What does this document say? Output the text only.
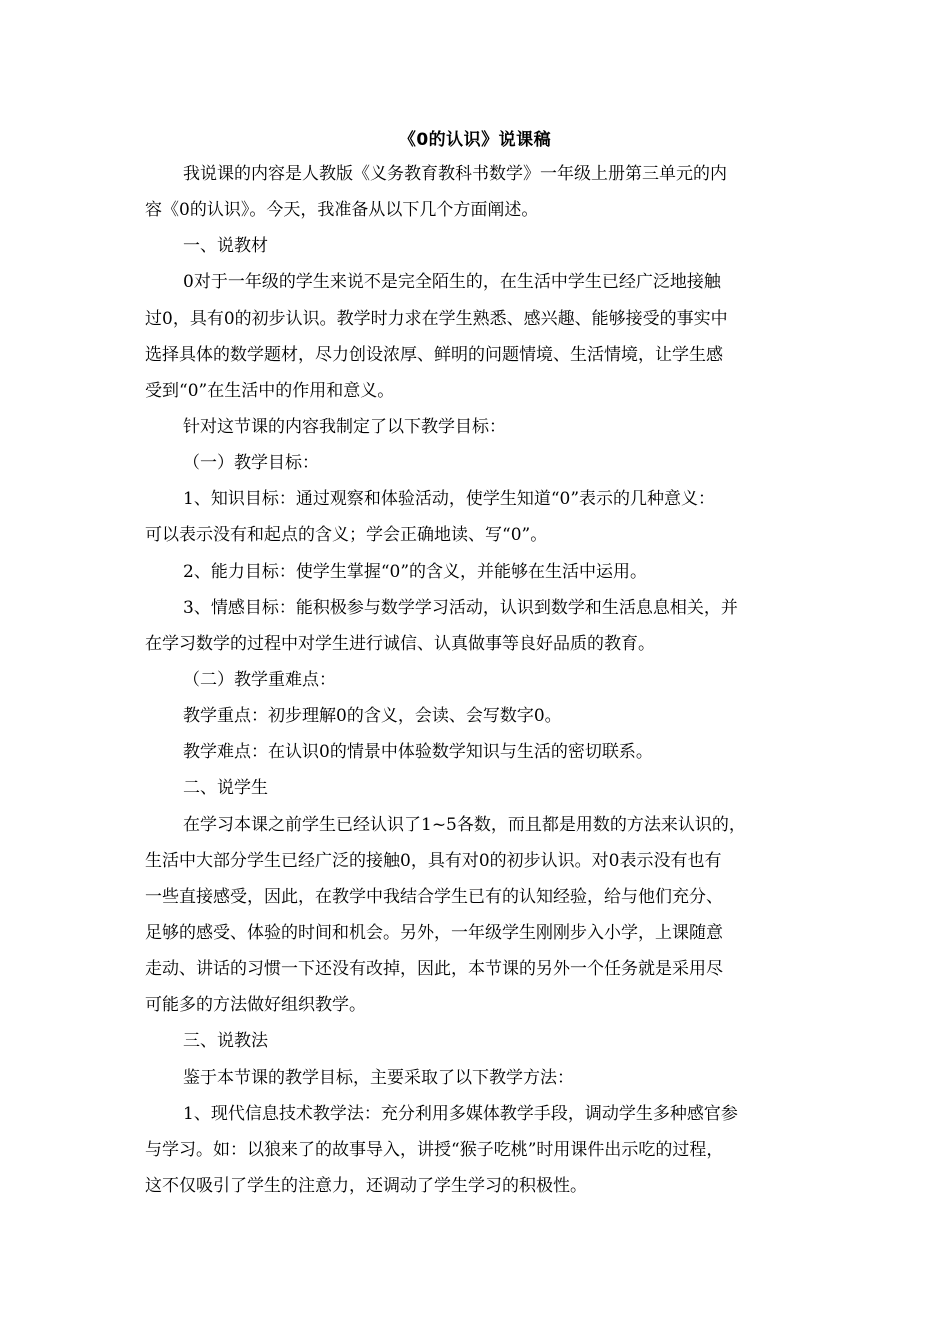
《0的认识》说课稿
我说课的内容是人教版《义务教育教科书数学》一年级上册第三单元的内
容《0的认识》。今天，我准备从以下几个方面阐述。
一、说教材
0对于一年级的学生来说不是完全陌生的，在生活中学生已经广泛地接触
过0，具有0的初步认识。教学时力求在学生熟悉、感兴趣、能够接受的事实中
选择具体的数学题材，尽力创设浓厚、鲜明的问题情境、生活情境，让学生感
受到“0”在生活中的作用和意义。
针对这节课的内容我制定了以下教学目标：
（一）教学目标：
1、知识目标：通过观察和体验活动，使学生知道“0”表示的几种意义：
可以表示没有和起点的含义；学会正确地读、写“0”。
2、能力目标：使学生掌握“0”的含义，并能够在生活中运用。
3、情感目标：能积极参与数学学习活动，认识到数学和生活息息相关，并
在学习数学的过程中对学生进行诚信、认真做事等良好品质的教育。
（二）教学重难点：
教学重点：初步理解0的含义，会读、会写数字0。
教学难点：在认识0的情景中体验数学知识与生活的密切联系。
二、说学生
在学习本课之前学生已经认识了1~5各数，而且都是用数的方法来认识的，
生活中大部分学生已经广泛的接触0，具有对0的初步认识。对0表示没有也有
一些直接感受，因此，在教学中我结合学生已有的认知经验，给与他们充分、
足够的感受、体验的时间和机会。另外，一年级学生刚刚步入小学，上课随意
走动、讲话的习惯一下还没有改掉，因此，本节课的另外一个任务就是采用尽
可能多的方法做好组织教学。
三、说教法
鉴于本节课的教学目标，主要采取了以下教学方法：
1、现代信息技术教学法：充分利用多媒体教学手段，调动学生多种感官参
与学习。如：以狼来了的故事导入，讲授“猴子吃桃”时用课件出示吃的过程，
这不仅吸引了学生的注意力，还调动了学生学习的积极性。
